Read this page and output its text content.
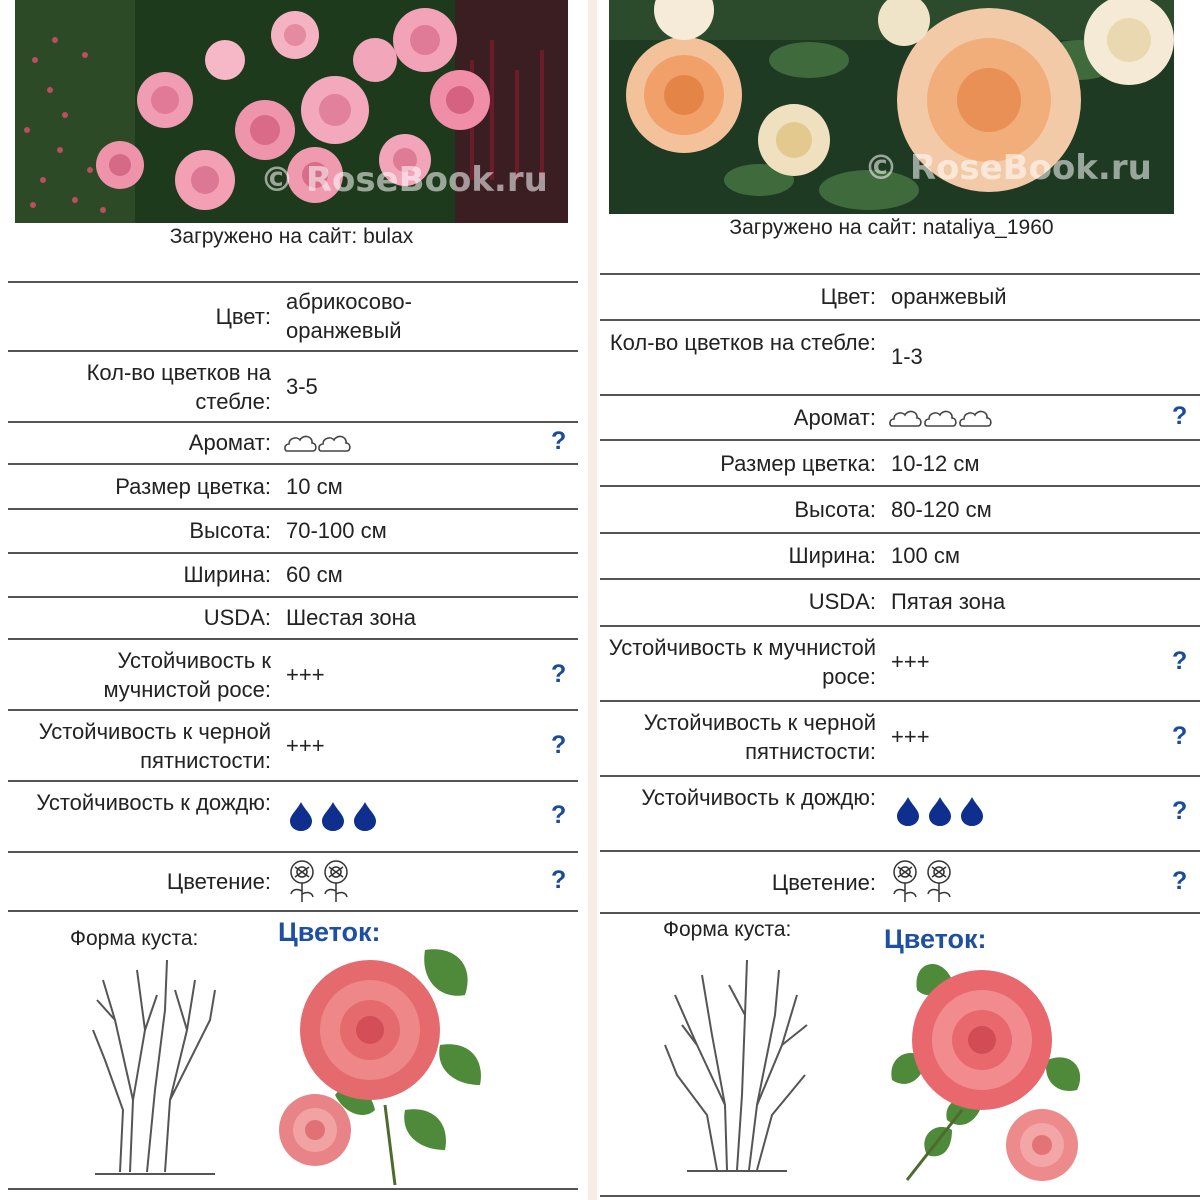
© RoseBook.ru
Загружено на сайт: bulax
Цвет:
абрикосово-оранжевый
Кол-во цветков на стебле:
3-5
Аромат:	?
Размер цветка: 10 см
Высота: 70-100 см
Ширина: 60 см
USDA: Шестая зона
Устойчивость к мучнистой росе:
+++	?
Устойчивость к черной пятнистости:
+++	?
Устойчивость к дождю:	?
Цветение:	?
Форма куста:	Цветок:
© RoseBook.ru
Загружено на сайт: nataliya_1960
Цвет: оранжевый
Кол-во цветков на стебле:
1-3
Аромат:	?
Размер цветка: 10-12 см
Высота: 80-120 см
Ширина: 100 см
USDA: Пятая зона
Устойчивость к мучнистой росе:
+++	?
Устойчивость к черной пятнистости:
+++	?
Устойчивость к дождю:	?
Цветение:	?
Форма куста:	Цветок:
